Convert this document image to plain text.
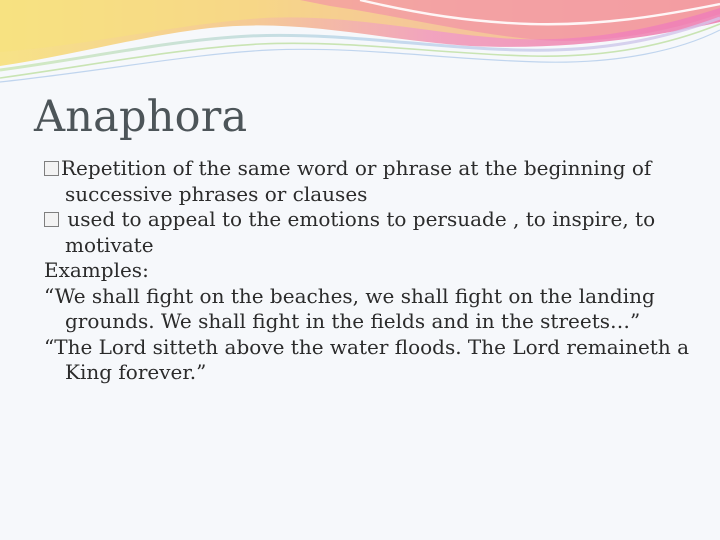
Anaphora

Repetition of the same word or phrase at the beginning of successive phrases or clauses

used to appeal to the emotions to persuade , to inspire, to motivate

Examples:

“We shall fight on the beaches, we shall fight on the landing grounds. We shall fight in the fields and in the streets…”

“The Lord sitteth above the water floods. The Lord remaineth a King forever.”
